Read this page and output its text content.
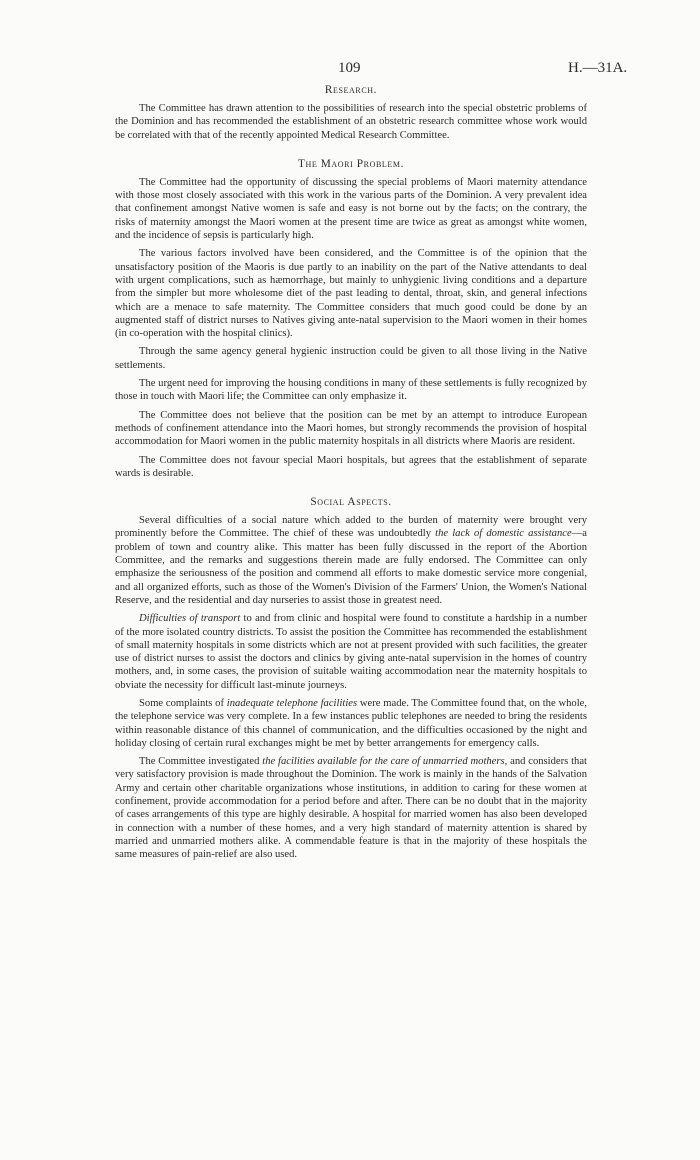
109	H.—31A.
Research.

The Committee has drawn attention to the possibilities of research into the special obstetric problems of the Dominion and has recommended the establishment of an obstetric research committee whose work would be correlated with that of the recently appointed Medical Research Committee.

The Maori Problem.

The Committee had the opportunity of discussing the special problems of Maori maternity attendance with those most closely associated with this work in the various parts of the Dominion. A very prevalent idea that confinement amongst Native women is safe and easy is not borne out by the facts; on the contrary, the risks of maternity amongst the Maori women at the present time are twice as great as amongst white women, and the incidence of sepsis is particularly high.

The various factors involved have been considered, and the Committee is of the opinion that the unsatisfactory position of the Maoris is due partly to an inability on the part of the Native attendants to deal with urgent complications, such as hæmorrhage, but mainly to unhygienic living conditions and a departure from the simpler but more wholesome diet of the past leading to dental, throat, skin, and general infections which are a menace to safe maternity. The Committee considers that much good could be done by an augmented staff of district nurses to Natives giving ante-natal supervision to the Maori women in their homes (in co-operation with the hospital clinics).

Through the same agency general hygienic instruction could be given to all those living in the Native settlements.

The urgent need for improving the housing conditions in many of these settlements is fully recognized by those in touch with Maori life; the Committee can only emphasize it.

The Committee does not believe that the position can be met by an attempt to introduce European methods of confinement attendance into the Maori homes, but strongly recommends the provision of hospital accommodation for Maori women in the public maternity hospitals in all districts where Maoris are resident.

The Committee does not favour special Maori hospitals, but agrees that the establishment of separate wards is desirable.

Social Aspects.

Several difficulties of a social nature which added to the burden of maternity were brought very prominently before the Committee. The chief of these was undoubtedly the lack of domestic assistance—a problem of town and country alike. This matter has been fully discussed in the report of the Abortion Committee, and the remarks and suggestions therein made are fully endorsed. The Committee can only emphasize the seriousness of the position and commend all efforts to make domestic service more congenial, and all organized efforts, such as those of the Women's Division of the Farmers' Union, the Women's National Reserve, and the residential and day nurseries to assist those in greatest need.

Difficulties of transport to and from clinic and hospital were found to constitute a hardship in a number of the more isolated country districts. To assist the position the Committee has recommended the establishment of small maternity hospitals in some districts which are not at present provided with such facilities, the greater use of district nurses to assist the doctors and clinics by giving ante-natal supervision in the homes of country mothers, and, in some cases, the provision of suitable waiting accommodation near the maternity hospitals to obviate the necessity for difficult last-minute journeys.

Some complaints of inadequate telephone facilities were made. The Committee found that, on the whole, the telephone service was very complete. In a few instances public telephones are needed to bring the residents within reasonable distance of this channel of communication, and the difficulties occasioned by the night and holiday closing of certain rural exchanges might be met by better arrangements for emergency calls.

The Committee investigated the facilities available for the care of unmarried mothers, and considers that very satisfactory provision is made throughout the Dominion. The work is mainly in the hands of the Salvation Army and certain other charitable organizations whose institutions, in addition to caring for these women at confinement, provide accommodation for a period before and after. There can be no doubt that in the majority of cases arrangements of this type are highly desirable. A hospital for married women has also been developed in connection with a number of these homes, and a very high standard of maternity attention is shared by married and unmarried mothers alike. A commendable feature is that in the majority of these hospitals the same measures of pain-relief are also used.
